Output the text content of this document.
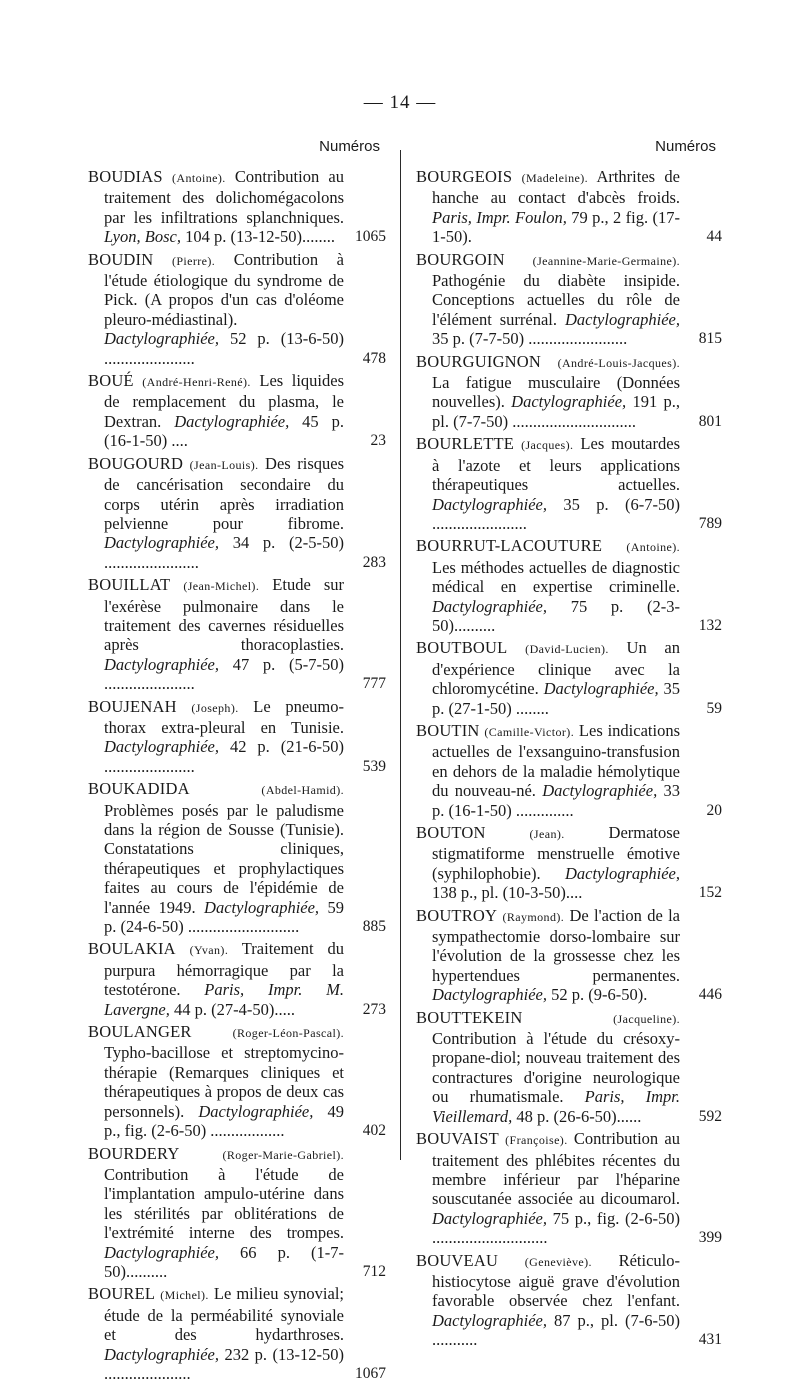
— 14 —
Numéros
BOUDIAS (Antoine). Contribution au traitement des dolichomégacolons par les infiltrations splanchniques. Lyon, Bosc, 104 p. (13-12-50)........	1065
BOUDIN (Pierre). Contribution à l'étude étiologique du syndrome de Pick. (A propos d'un cas d'oléome pleuro-médiastinal). Dactylographiée, 52 p. (13-6-50) ......................	478
BOUÉ (André-Henri-René). Les liquides de remplacement du plasma, le Dextran. Dactylographiée, 45 p. (16-1-50) ....	23
BOUGOURD (Jean-Louis). Des risques de cancérisation secondaire du corps utérin après irradiation pelvienne pour fibrome. Dactylographiée, 34 p. (2-5-50) .......................	283
BOUILLAT (Jean-Michel). Etude sur l'exérèse pulmonaire dans le traitement des cavernes résiduelles après thoracoplasties. Dactylographiée, 47 p. (5-7-50) ......................	777
BOUJENAH (Joseph). Le pneumo-thorax extra-pleural en Tunisie. Dactylographiée, 42 p. (21-6-50) ......................	539
BOUKADIDA	(Abdel-Hamid). Problèmes posés par le paludisme dans la région de Sousse (Tunisie). Constatations cliniques, thérapeutiques et prophylactiques faites au cours de l'épidémie de l'année 1949. Dactylographiée, 59 p. (24-6-50) ...........................	885
BOULAKIA (Yvan). Traitement du purpura hémorragique par la testotérone. Paris, Impr. M. Lavergne, 44 p. (27-4-50).....	273
BOULANGER	(Roger-Léon-Pascal). Typho-bacillose et streptomycino-thérapie (Remarques cliniques et thérapeutiques à propos de deux cas personnels). Dactylographiée, 49 p., fig. (2-6-50) ..................	402
BOURDERY	(Roger-Marie-Gabriel). Contribution à l'étude de l'implantation ampulo-utérine dans les stérilités par oblitérations de l'extrémité interne des trompes. Dactylographiée, 66 p. (1-7-50)..........	712
BOUREL (Michel). Le milieu synovial; étude de la perméabilité synoviale et des hydarthroses. Dactylographiée, 232 p. (13-12-50) .....................	1067
Numéros
BOURGEOIS (Madeleine). Arthrites de hanche au contact d'abcès froids. Paris, Impr. Foulon, 79 p., 2 fig. (17-1-50).	44
BOURGOIN (Jeannine-Marie-Germaine). Pathogénie du diabète insipide. Conceptions actuelles du rôle de l'élément surrénal. Dactylographiée, 35 p. (7-7-50) ........................	815
BOURGUIGNON (André-Louis-Jacques). La fatigue musculaire (Données nouvelles). Dactylographiée, 191 p., pl. (7-7-50) ..............................	801
BOURLETTE (Jacques). Les moutardes à l'azote et leurs applications thérapeutiques actuelles. Dactylographiée, 35 p. (6-7-50) .......................	789
BOURRUT-LACOUTURE (Antoine). Les méthodes actuelles de diagnostic médical en expertise criminelle. Dactylographiée, 75 p. (2-3-50)..........	132
BOUTBOUL (David-Lucien). Un an d'expérience clinique avec la chloromycétine. Dactylographiée, 35 p. (27-1-50) ........	59
BOUTIN (Camille-Victor). Les indications actuelles de l'exsanguino-transfusion en dehors de la maladie hémolytique du nouveau-né. Dactylographiée, 33 p. (16-1-50) ..............	20
BOUTON	(Jean). Dermatose stigmatiforme menstruelle émotive (syphilophobie). Dactylographiée, 138 p., pl. (10-3-50)....	152
BOUTROY (Raymond). De l'action de la sympathectomie dorso-lombaire sur l'évolution de la grossesse chez les hypertendues permanentes. Dactylographiée, 52 p. (9-6-50).	446
BOUTTEKEIN	(Jacqueline). Contribution à l'étude du crésoxy-propane-diol; nouveau traitement des contractures d'origine neurologique ou rhumatismale. Paris, Impr. Vieillemard, 48 p. (26-6-50)......	592
BOUVAIST (Françoise). Contribution au traitement des phlébites récentes du membre inférieur par l'héparine souscutanée associée au dicoumarol. Dactylographiée, 75 p., fig. (2-6-50) ............................	399
BOUVEAU (Geneviève). Réticulo-histiocytose aiguë grave d'évolution favorable observée chez l'enfant. Dactylographiée, 87 p., pl. (7-6-50) ...........	431
